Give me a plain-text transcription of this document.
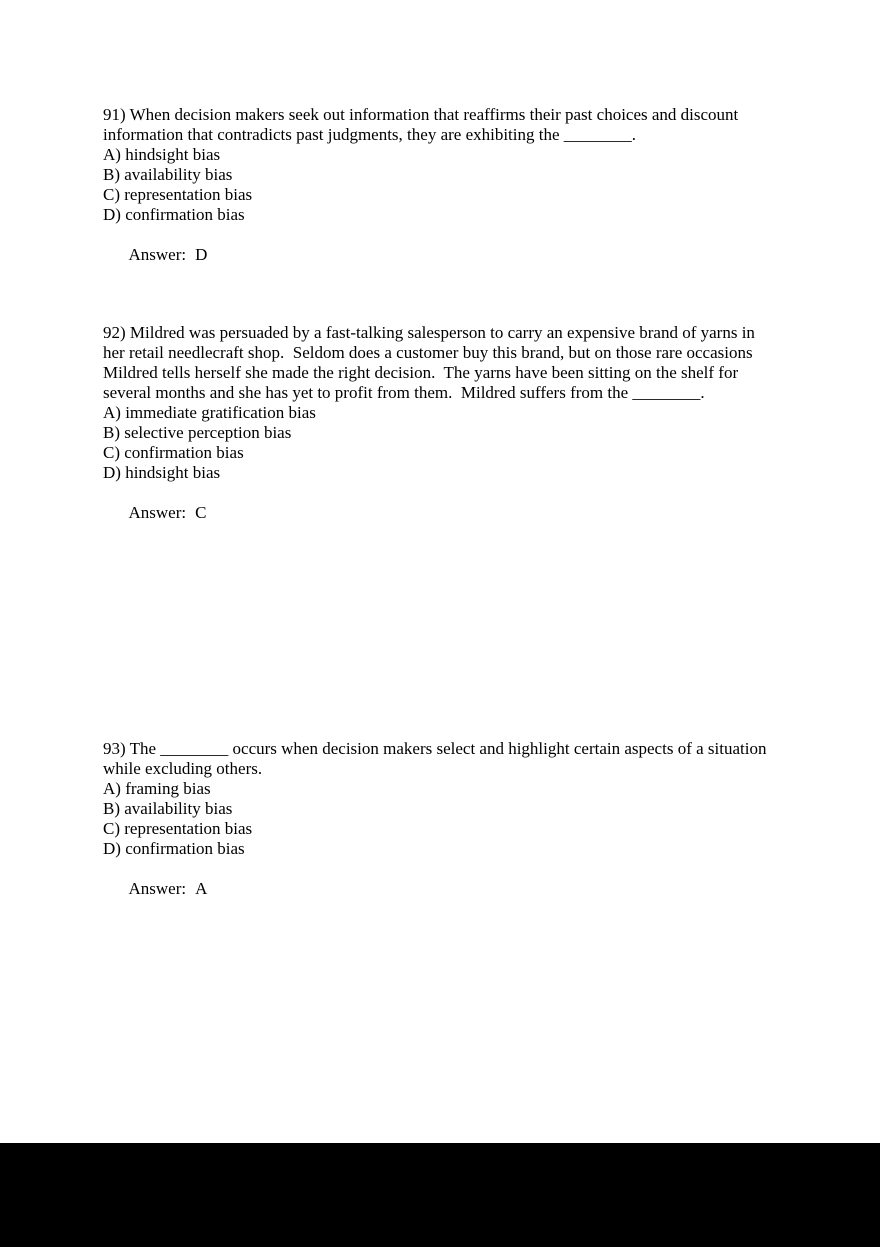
91) When decision makers seek out information that reaffirms their past choices and discount information that contradicts past judgments, they are exhibiting the ________.
A) hindsight bias
B) availability bias
C) representation bias
D) confirmation bias

Answer: D

92) Mildred was persuaded by a fast-talking salesperson to carry an expensive brand of yarns in her retail needlecraft shop.  Seldom does a customer buy this brand, but on those rare occasions Mildred tells herself she made the right decision.  The yarns have been sitting on the shelf for several months and she has yet to profit from them.  Mildred suffers from the ________.
A) immediate gratification bias
B) selective perception bias
C) confirmation bias
D) hindsight bias

Answer: C

93) The ________ occurs when decision makers select and highlight certain aspects of a situation while excluding others.
A) framing bias
B) availability bias
C) representation bias
D) confirmation bias

Answer: A
